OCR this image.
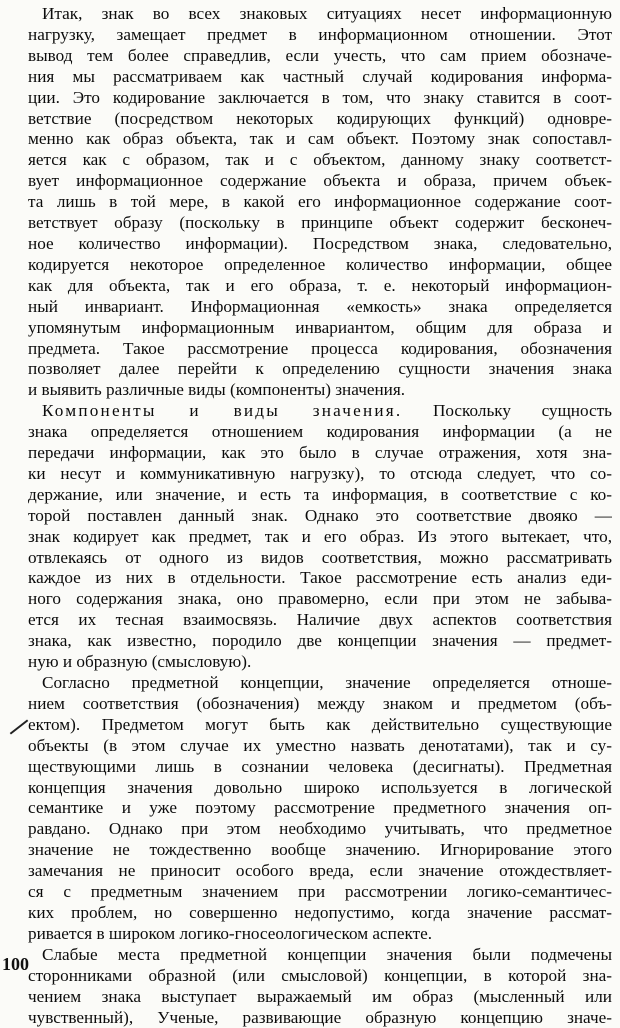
Итак, знак во всех знаковых ситуациях несет информационную
нагрузку, замещает предмет в информационном отношении. Этот
вывод тем более справедлив, если учесть, что сам прием обозначе-
ния мы рассматриваем как частный случай кодирования информа-
ции. Это кодирование заключается в том, что знаку ставится в соот-
ветствие (посредством некоторых кодирующих функций) одновре-
менно как образ объекта, так и сам объект. Поэтому знак сопоставл-
яется как с образом, так и с объектом, данному знаку соответст-
вует информационное содержание объекта и образа, причем объек-
та лишь в той мере, в какой его информационное содержание соот-
ветствует образу (поскольку в принципе объект содержит бесконеч-
ное количество информации). Посредством знака, следовательно,
кодируется некоторое определенное количество информации, общее
как для объекта, так и его образа, т. е. некоторый информацион-
ный инвариант. Информационная «емкость» знака определяется
упомянутым информационным инвариантом, общим для образа и
предмета. Такое рассмотрение процесса кодирования, обозначения
позволяет далее перейти к определению сущности значения знака
и выявить различные виды (компоненты) значения.
Компоненты и виды значения. Поскольку сущность
знака определяется отношением кодирования информации (а не
передачи информации, как это было в случае отражения, хотя зна-
ки несут и коммуникативную нагрузку), то отсюда следует, что со-
держание, или значение, и есть та информация, в соответствие с ко-
торой поставлен данный знак. Однако это соответствие двояко —
знак кодирует как предмет, так и его образ. Из этого вытекает, что,
отвлекаясь от одного из видов соответствия, можно рассматривать
каждое из них в отдельности. Такое рассмотрение есть анализ еди-
ного содержания знака, оно правомерно, если при этом не забыва-
ется их тесная взаимосвязь. Наличие двух аспектов соответствия
знака, как известно, породило две концепции значения — предмет-
ную и образную (смысловую).
Согласно предметной концепции, значение определяется отноше-
нием соответствия (обозначения) между знаком и предметом (объ-
ектом). Предметом могут быть как действительно существующие
объекты (в этом случае их уместно назвать денотатами), так и су-
ществующими лишь в сознании человека (десигнаты). Предметная
концепция значения довольно широко используется в логической
семантике и уже поэтому рассмотрение предметного значения оп-
равдано. Однако при этом необходимо учитывать, что предметное
значение не тождественно вообще значению. Игнорирование этого
замечания не приносит особого вреда, если значение отождествляет-
ся с предметным значением при рассмотрении логико-семантичес-
ких проблем, но совершенно недопустимо, когда значение рассмат-
ривается в широком логико-гносеологическом аспекте.
Слабые места предметной концепции значения были подмечены
сторонниками образной (или смысловой) концепции, в которой зна-
чением знака выступает выражаемый им образ (мысленный или
чувственный), Ученые, развивающие образную концепцию значе-
100
